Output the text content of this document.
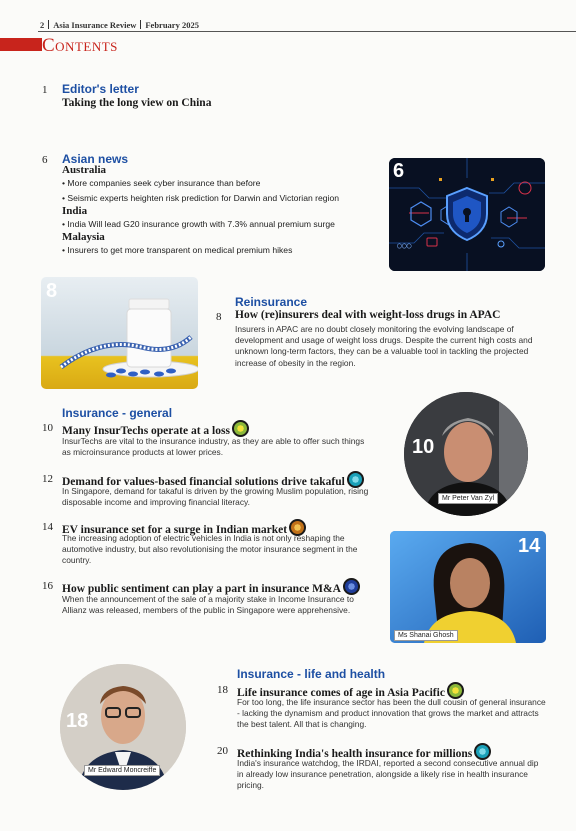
2 Asia Insurance Review February 2025
Contents
1 Editor's letter
Taking the long view on China
6 Asian news
Australia
• More companies seek cyber insurance than before
• Seismic experts heighten risk prediction for Darwin and Victorian region
India
• India Will lead G20 insurance growth with 7.3% annual premium surge
Malaysia
• Insurers to get more transparent on medical premium hikes	○○○
6
8	Reinsurance
8 How (re)insurers deal with weight-loss drugs in APAC
Insurers in APAC are no doubt closely monitoring the evolving landscape of development and usage of weight loss drugs. Despite the current high costs and unknown long-term factors, they can be a valuable tool in tackling the projected increase of obesity in the region.
Insurance - general
10 Many InsurTechs operate at a loss
InsurTechs are vital to the insurance industry, as they are able to offer such things as microinsurance products at lower prices.
12 Demand for values-based financial solutions drive takaful
In Singapore, demand for takaful is driven by the growing Muslim population, rising disposable income and improving financial literacy.
14 EV insurance set for a surge in Indian market
The increasing adoption of electric vehicles in India is not only reshaping the automotive industry, but also revolutionising the motor insurance segment in the country.
16 How public sentiment can play a part in insurance M&A
When the announcement of the sale of a majority stake in Income Insurance to Allianz was released, members of the public in Singapore were apprehensive.
10
Mr Peter Van Zyl
14
Ms Shanai Ghosh
Insurance - life and health
18 Life insurance comes of age in Asia Pacific
For too long, the life insurance sector has been the dull cousin of general insurance - lacking the dynamism and product innovation that grows the market and attracts the best talent. All that is changing.
20 Rethinking India's health insurance for millions
India's insurance watchdog, the IRDAI, reported a second consecutive annual dip in already low insurance penetration, alongside a likely rise in health insurance pricing.
18
Mr Edward Moncreiffe
